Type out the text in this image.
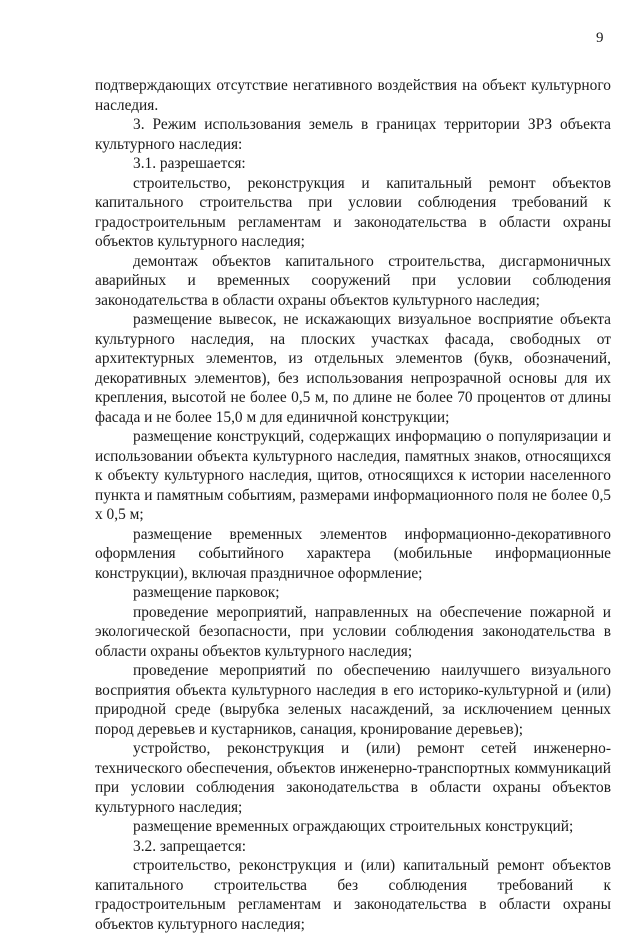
9

подтверждающих отсутствие негативного воздействия на объект культурного наследия.

3. Режим использования земель в границах территории ЗРЗ объекта культурного наследия:

3.1. разрешается:

строительство, реконструкция и капитальный ремонт объектов капитального строительства при условии соблюдения требований к градостроительным регламентам и законодательства в области охраны объектов культурного наследия;

демонтаж объектов капитального строительства, дисгармоничных аварийных и временных сооружений при условии соблюдения законодательства в области охраны объектов культурного наследия;

размещение вывесок, не искажающих визуальное восприятие объекта культурного наследия, на плоских участках фасада, свободных от архитектурных элементов, из отдельных элементов (букв, обозначений, декоративных элементов), без использования непрозрачной основы для их крепления, высотой не более 0,5 м, по длине не более 70 процентов от длины фасада и не более 15,0 м для единичной конструкции;

размещение конструкций, содержащих информацию о популяризации и использовании объекта культурного наследия, памятных знаков, относящихся к объекту культурного наследия, щитов, относящихся к истории населенного пункта и памятным событиям, размерами информационного поля не более 0,5 х 0,5 м;

размещение временных элементов информационно-декоративного оформления событийного характера (мобильные информационные конструкции), включая праздничное оформление;

размещение парковок;

проведение мероприятий, направленных на обеспечение пожарной и экологической безопасности, при условии соблюдения законодательства в области охраны объектов культурного наследия;

проведение мероприятий по обеспечению наилучшего визуального восприятия объекта культурного наследия в его историко-культурной и (или) природной среде (вырубка зеленых насаждений, за исключением ценных пород деревьев и кустарников, санация, кронирование деревьев);

устройство, реконструкция и (или) ремонт сетей инженерно-технического обеспечения, объектов инженерно-транспортных коммуникаций при условии соблюдения законодательства в области охраны объектов культурного наследия;

размещение временных ограждающих строительных конструкций;

3.2. запрещается:

строительство, реконструкция и (или) капитальный ремонт объектов капитального строительства без соблюдения требований к градостроительным регламентам и законодательства в области охраны объектов культурного наследия;
